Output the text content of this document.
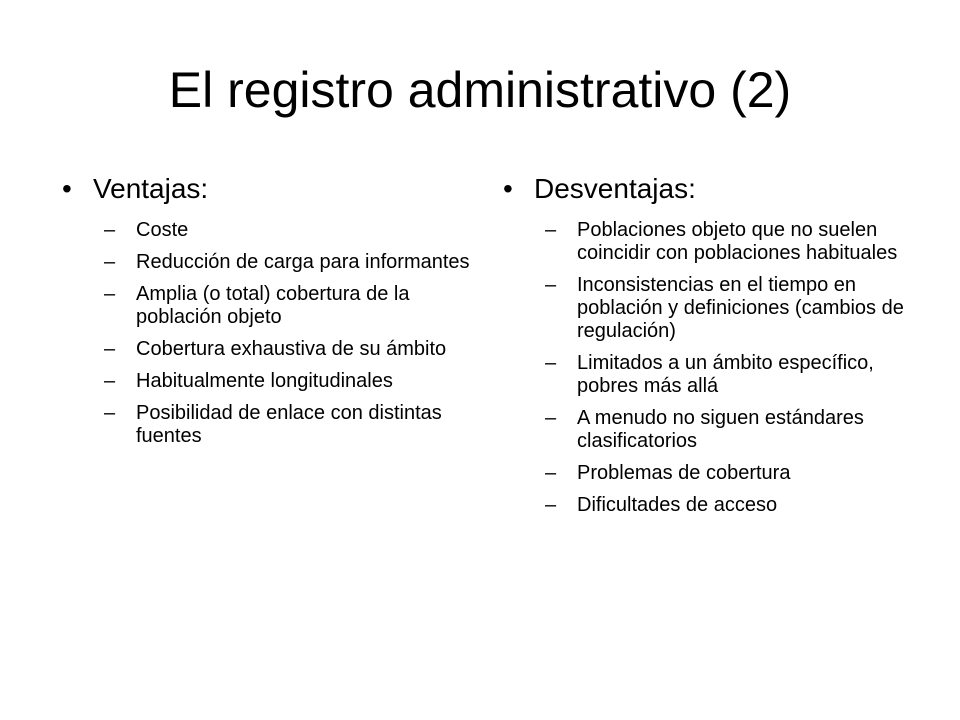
El registro administrativo (2)
• Ventajas:
–	Coste
–	Reducción de carga para informantes
–	Amplia (o total) cobertura de la población objeto
–	Cobertura exhaustiva de su ámbito
–	Habitualmente longitudinales
–	Posibilidad de enlace con distintas fuentes
• Desventajas:
–	Poblaciones objeto que no suelen coincidir con poblaciones habituales
–	Inconsistencias en el tiempo en población y definiciones (cambios de regulación)
–	Limitados a un ámbito específico, pobres más allá
–	A menudo no siguen estándares clasificatorios
–	Problemas de cobertura
–	Dificultades de acceso
